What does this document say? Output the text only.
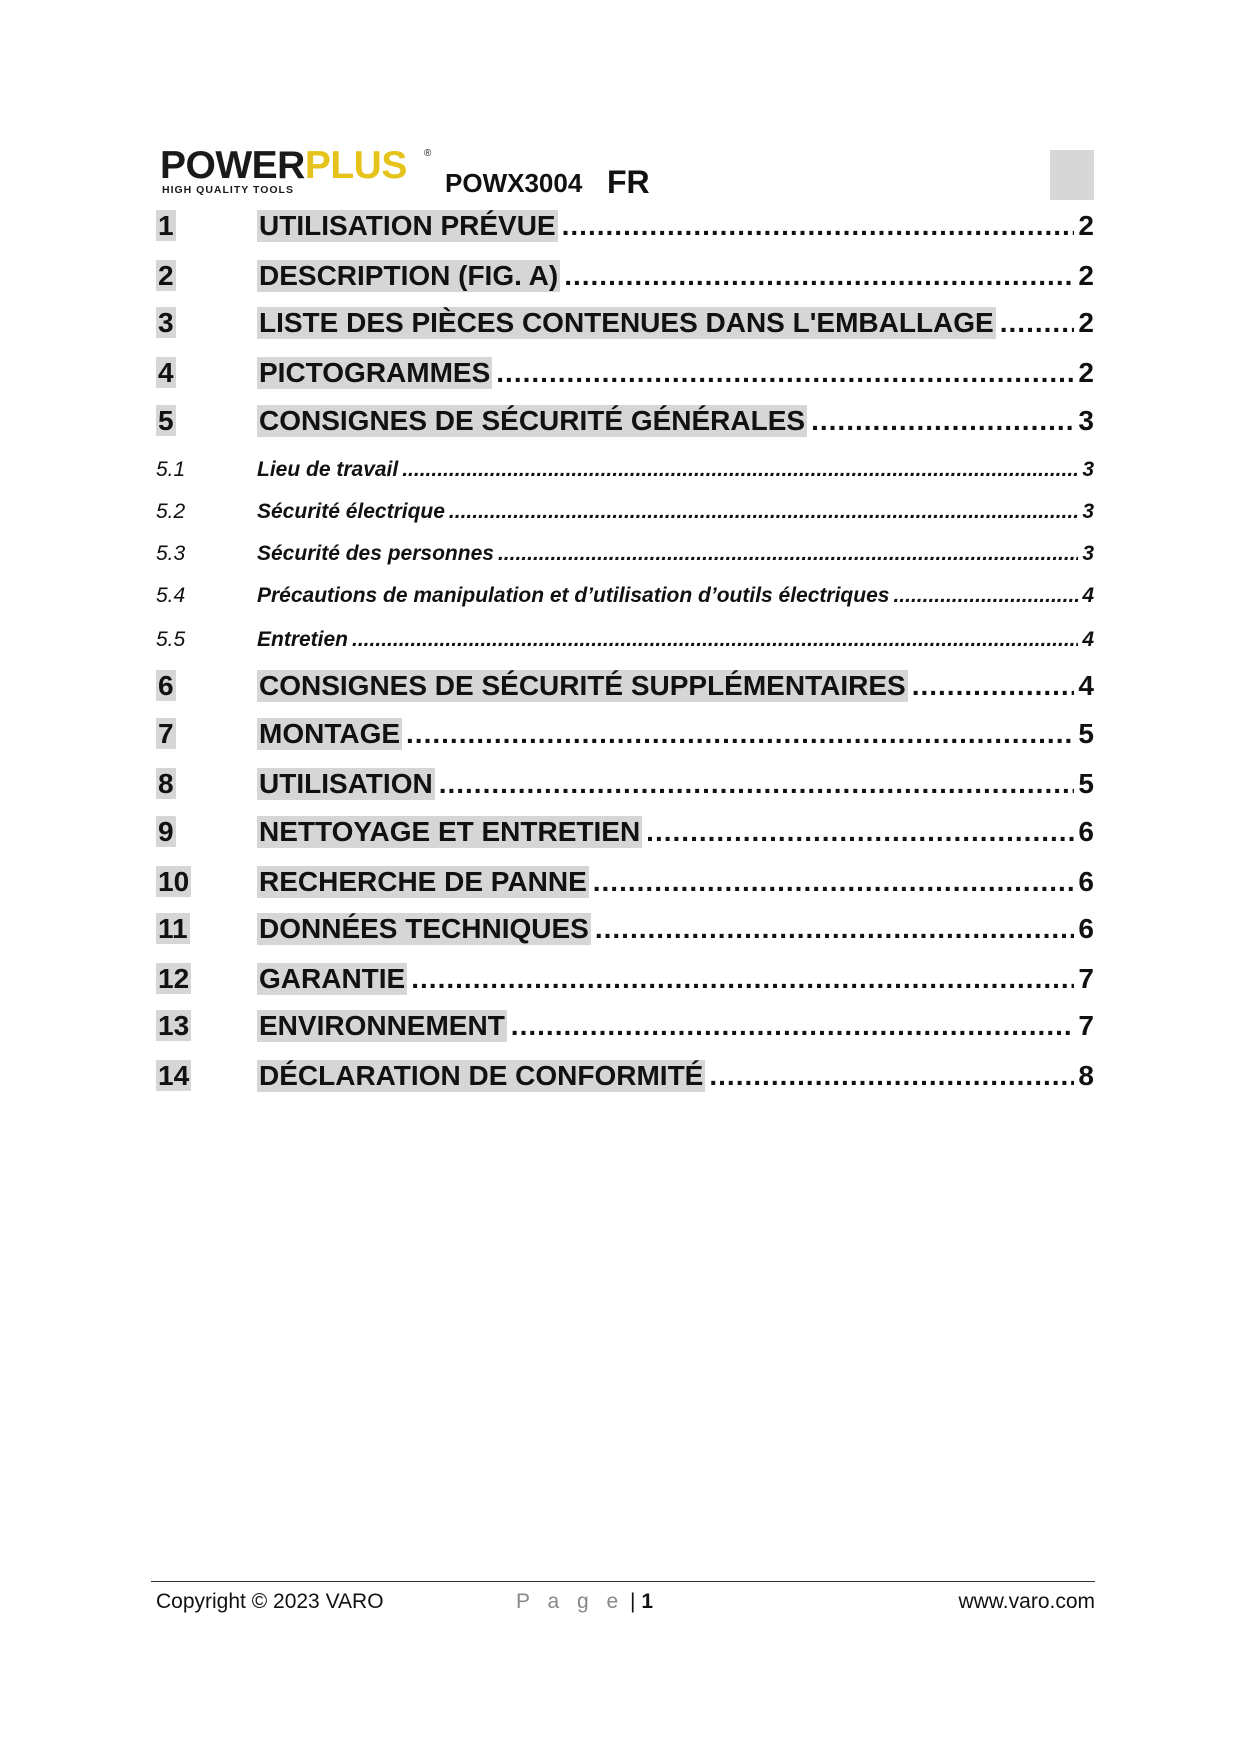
POWERPLUS ®
HIGH QUALITY TOOLS	POWX3004 FR
1	UTILISATION PRÉVUE .....	2
2	DESCRIPTION (FIG. A) .....	2
3	LISTE DES PIÈCES CONTENUES DANS L'EMBALLAGE .....	2
4	PICTOGRAMMES .....	2
5	CONSIGNES DE SÉCURITÉ GÉNÉRALES .....	3
5.1	Lieu de travail .....	3
5.2	Sécurité électrique .....	3
5.3	Sécurité des personnes .....	3
5.4	Précautions de manipulation et d’utilisation d’outils électriques .....	4
5.5	Entretien .....	4
6	CONSIGNES DE SÉCURITÉ SUPPLÉMENTAIRES .....	4
7	MONTAGE .....	5
8	UTILISATION .....	5
9	NETTOYAGE ET ENTRETIEN .....	6
10	RECHERCHE DE PANNE .....	6
11	DONNÉES TECHNIQUES .....	6
12	GARANTIE .....	7
13	ENVIRONNEMENT .....	7
14	DÉCLARATION DE CONFORMITÉ .....	8
Copyright © 2023 VARO	P a g e | 1	www.varo.com
